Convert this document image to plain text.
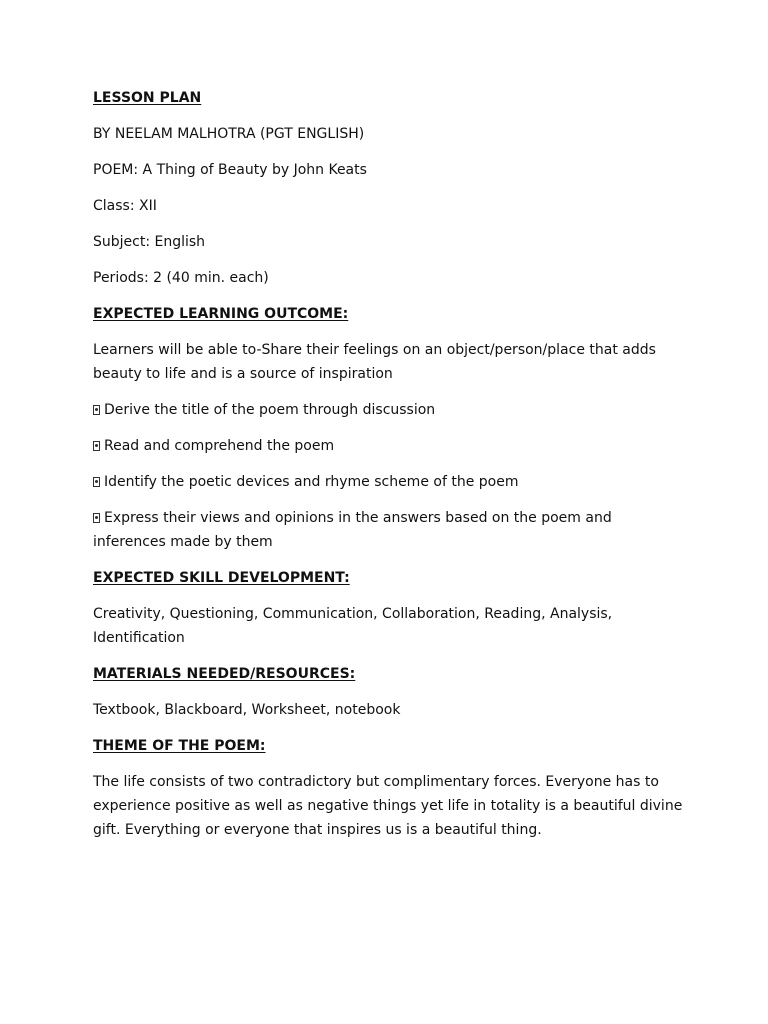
LESSON PLAN
BY NEELAM MALHOTRA (PGT ENGLISH)
POEM: A Thing of Beauty by John Keats
Class: XII
Subject: English
Periods: 2 (40 min. each)
EXPECTED LEARNING OUTCOME:
Learners will be able to-Share their feelings on an object/person/place that adds beauty to life and is a source of inspiration
Derive the title of the poem through discussion
Read and comprehend the poem
Identify the poetic devices and rhyme scheme of the poem
Express their views and opinions in the answers based on the poem and inferences made by them
EXPECTED SKILL DEVELOPMENT:
Creativity, Questioning, Communication, Collaboration, Reading, Analysis, Identification
MATERIALS NEEDED/RESOURCES:
Textbook, Blackboard, Worksheet, notebook
THEME OF THE POEM:
The life consists of two contradictory but complimentary forces. Everyone has to experience positive as well as negative things yet life in totality is a beautiful divine gift. Everything or everyone that inspires us is a beautiful thing.
